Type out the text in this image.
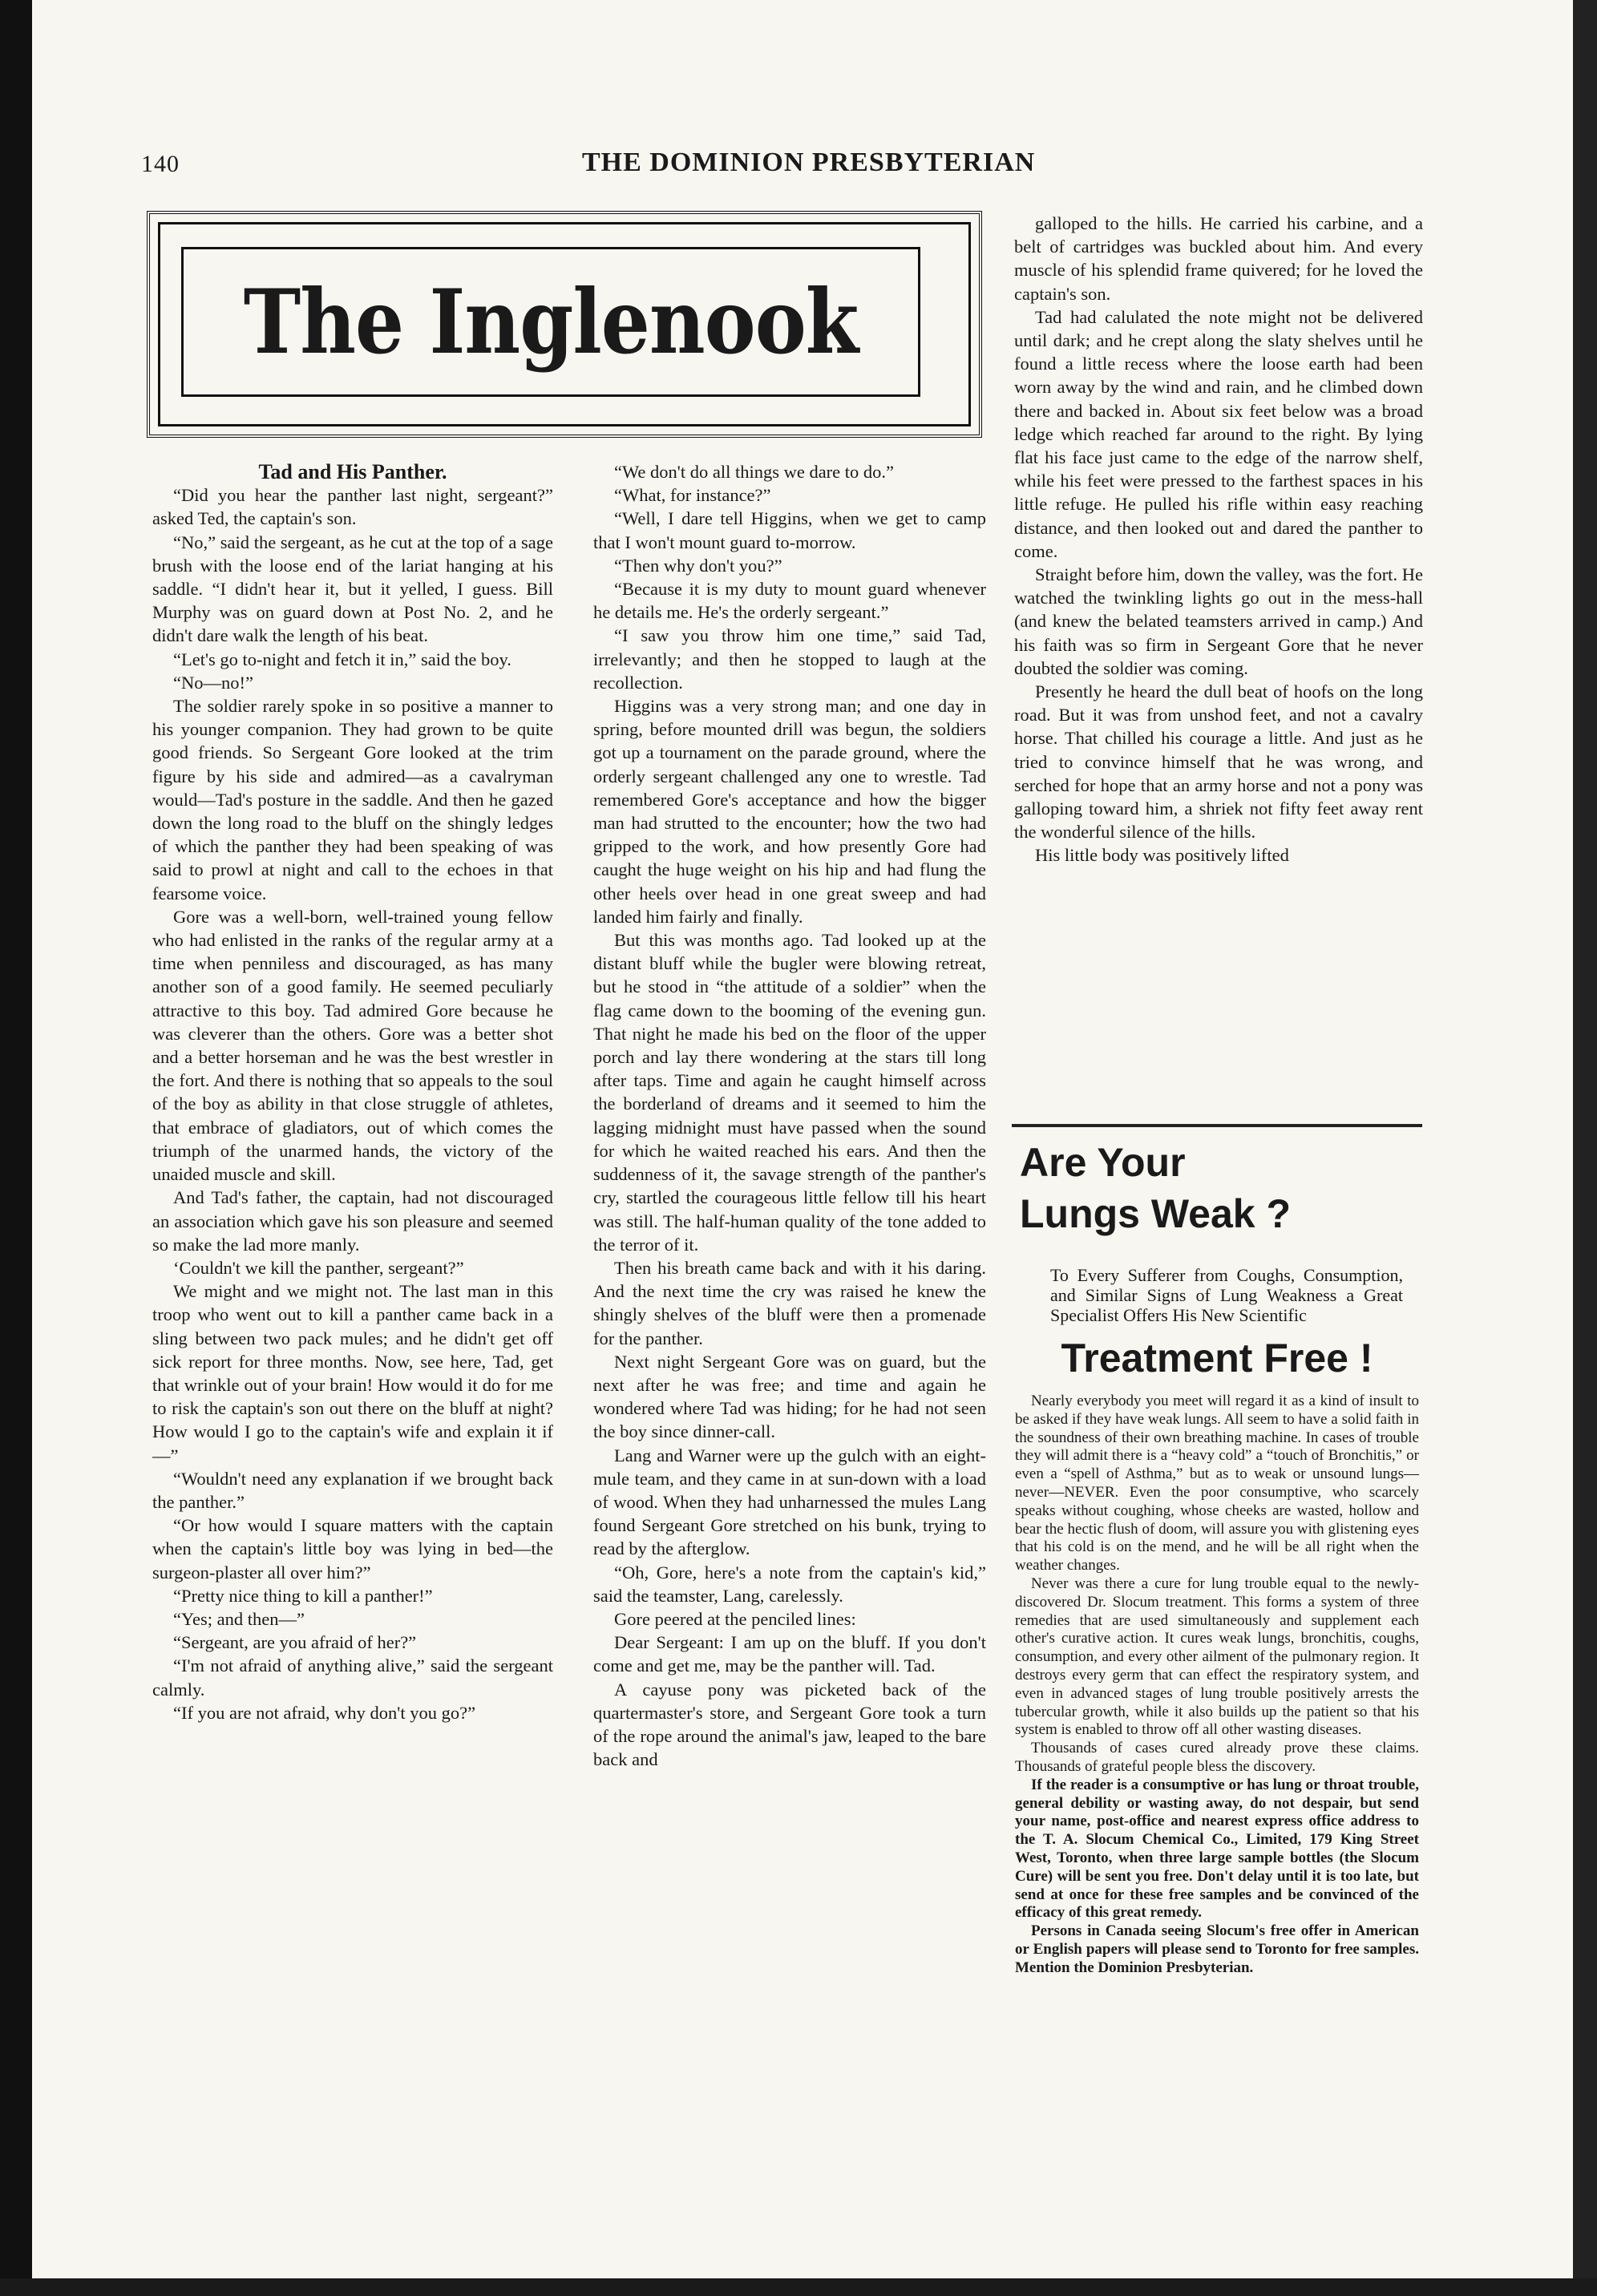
140	THE DOMINION PRESBYTERIAN
The Inglenook

Tad and His Panther.

“Did you hear the panther last night, sergeant?” asked Ted, the captain's son.

“No,” said the sergeant, as he cut at the top of a sage brush with the loose end of the lariat hanging at his saddle. “I didn't hear it, but it yelled, I guess. Bill Murphy was on guard down at Post No. 2, and he didn't dare walk the length of his beat.

“Let's go to-night and fetch it in,” said the boy.

“No—no!”

The soldier rarely spoke in so positive a manner to his younger companion. They had grown to be quite good friends. So Sergeant Gore looked at the trim figure by his side and admired—as a cavalryman would—Tad's posture in the saddle. And then he gazed down the long road to the bluff on the shingly ledges of which the panther they had been speaking of was said to prowl at night and call to the echoes in that fearsome voice.

Gore was a well-born, well-trained young fellow who had enlisted in the ranks of the regular army at a time when penniless and discouraged, as has many another son of a good family. He seemed peculiarly attractive to this boy. Tad admired Gore because he was cleverer than the others. Gore was a better shot and a better horseman and he was the best wrestler in the fort. And there is nothing that so appeals to the soul of the boy as ability in that close struggle of athletes, that embrace of gladiators, out of which comes the triumph of the unarmed hands, the victory of the unaided muscle and skill.

And Tad's father, the captain, had not discouraged an association which gave his son pleasure and seemed so make the lad more manly.

‘Couldn't we kill the panther, sergeant?”

We might and we might not. The last man in this troop who went out to kill a panther came back in a sling between two pack mules; and he didn't get off sick report for three months. Now, see here, Tad, get that wrinkle out of your brain! How would it do for me to risk the captain's son out there on the bluff at night? How would I go to the captain's wife and explain it if—”

“Wouldn't need any explanation if we brought back the panther.”

“Or how would I square matters with the captain when the captain's little boy was lying in bed—the surgeon-plaster all over him?”

“Pretty nice thing to kill a panther!”

“Yes; and then—”

“Sergeant, are you afraid of her?”

“I'm not afraid of anything alive,” said the sergeant calmly.

“If you are not afraid, why don't you go?”

“We don't do all things we dare to do.”

“What, for instance?”

“Well, I dare tell Higgins, when we get to camp that I won't mount guard to-morrow.

“Then why don't you?”

“Because it is my duty to mount guard whenever he details me. He's the orderly sergeant.”

“I saw you throw him one time,” said Tad, irrelevantly; and then he stopped to laugh at the recollection.

Higgins was a very strong man; and one day in spring, before mounted drill was begun, the soldiers got up a tournament on the parade ground, where the orderly sergeant challenged any one to wrestle. Tad remembered Gore's acceptance and how the bigger man had strutted to the encounter; how the two had gripped to the work, and how presently Gore had caught the huge weight on his hip and had flung the other heels over head in one great sweep and had landed him fairly and finally.

But this was months ago. Tad looked up at the distant bluff while the bugler were blowing retreat, but he stood in “the attitude of a soldier” when the flag came down to the booming of the evening gun. That night he made his bed on the floor of the upper porch and lay there wondering at the stars till long after taps. Time and again he caught himself across the borderland of dreams and it seemed to him the lagging midnight must have passed when the sound for which he waited reached his ears. And then the suddenness of it, the savage strength of the panther's cry, startled the courageous little fellow till his heart was still. The half-human quality of the tone added to the terror of it.

Then his breath came back and with it his daring. And the next time the cry was raised he knew the shingly shelves of the bluff were then a promenade for the panther.

Next night Sergeant Gore was on guard, but the next after he was free; and time and again he wondered where Tad was hiding; for he had not seen the boy since dinner-call.

Lang and Warner were up the gulch with an eight-mule team, and they came in at sun-down with a load of wood. When they had unharnessed the mules Lang found Sergeant Gore stretched on his bunk, trying to read by the afterglow.

“Oh, Gore, here's a note from the captain's kid,” said the teamster, Lang, carelessly.

Gore peered at the penciled lines:

Dear Sergeant: I am up on the bluff. If you don't come and get me, may be the panther will. Tad.

A cayuse pony was picketed back of the quartermaster's store, and Sergeant Gore took a turn of the rope around the animal's jaw, leaped to the bare back and

galloped to the hills. He carried his carbine, and a belt of cartridges was buckled about him. And every muscle of his splendid frame quivered; for he loved the captain's son.

Tad had calulated the note might not be delivered until dark; and he crept along the slaty shelves until he found a little recess where the loose earth had been worn away by the wind and rain, and he climbed down there and backed in. About six feet below was a broad ledge which reached far around to the right. By lying flat his face just came to the edge of the narrow shelf, while his feet were pressed to the farthest spaces in his little refuge. He pulled his rifle within easy reaching distance, and then looked out and dared the panther to come.

Straight before him, down the valley, was the fort. He watched the twinkling lights go out in the mess-hall (and knew the belated teamsters arrived in camp.) And his faith was so firm in Sergeant Gore that he never doubted the soldier was coming.

Presently he heard the dull beat of hoofs on the long road. But it was from unshod feet, and not a cavalry horse. That chilled his courage a little. And just as he tried to convince himself that he was wrong, and serched for hope that an army horse and not a pony was galloping toward him, a shriek not fifty feet away rent the wonderful silence of the hills.

His little body was positively lifted

Are Your
Lungs Weak ?
To Every Sufferer from Coughs, Consumption, and Similar Signs of Lung Weakness a Great Specialist Offers His New Scientific
Treatment Free !

Nearly everybody you meet will regard it as a kind of insult to be asked if they have weak lungs. All seem to have a solid faith in the soundness of their own breathing machine. In cases of trouble they will admit there is a “heavy cold” a “touch of Bronchitis,” or even a “spell of Asthma,” but as to weak or unsound lungs—never—NEVER. Even the poor consumptive, who scarcely speaks without coughing, whose cheeks are wasted, hollow and bear the hectic flush of doom, will assure you with glistening eyes that his cold is on the mend, and he will be all right when the weather changes.

Never was there a cure for lung trouble equal to the newly-discovered Dr. Slocum treatment. This forms a system of three remedies that are used simultaneously and supplement each other's curative action. It cures weak lungs, bronchitis, coughs, consumption, and every other ailment of the pulmonary region. It destroys every germ that can effect the respiratory system, and even in advanced stages of lung trouble positively arrests the tubercular growth, while it also builds up the patient so that his system is enabled to throw off all other wasting diseases.

Thousands of cases cured already prove these claims. Thousands of grateful people bless the discovery.

If the reader is a consumptive or has lung or throat trouble, general debility or wasting away, do not despair, but send your name, post-office and nearest express office address to the T. A. Slocum Chemical Co., Limited, 179 King Street West, Toronto, when three large sample bottles (the Slocum Cure) will be sent you free. Don't delay until it is too late, but send at once for these free samples and be convinced of the efficacy of this great remedy.

Persons in Canada seeing Slocum's free offer in American or English papers will please send to Toronto for free samples. Mention the Dominion Presbyterian.
